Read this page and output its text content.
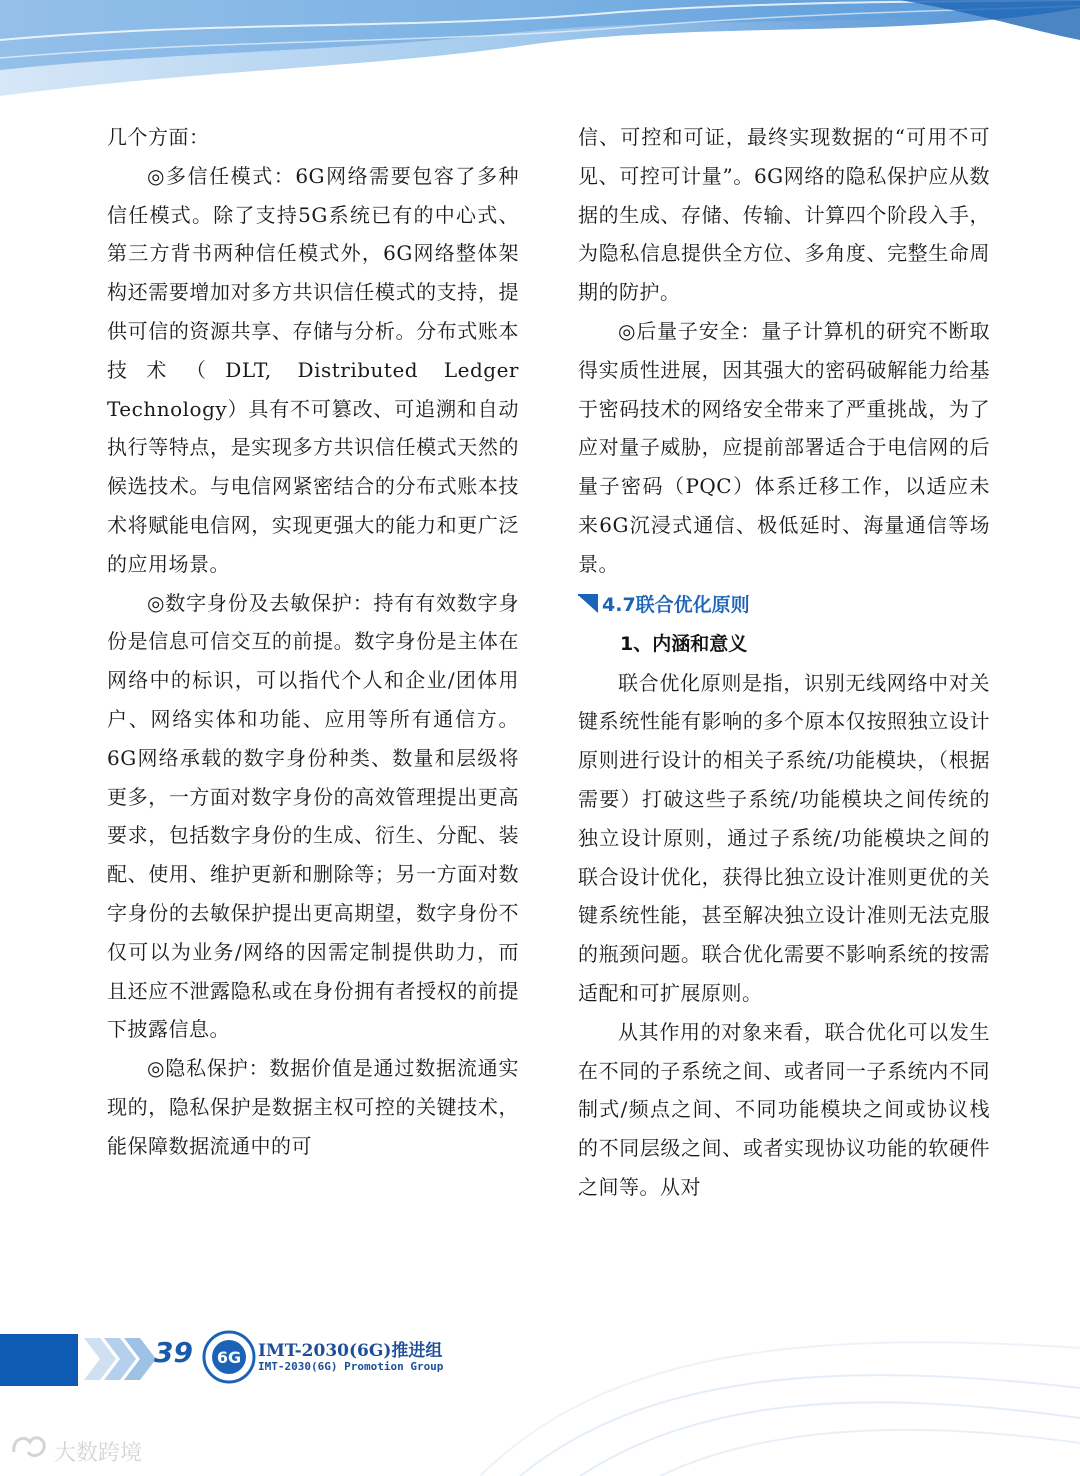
几个方面：

◎多信任模式：6G网络需要包容了多种信任模式。除了支持5G系统已有的中心式、第三方背书两种信任模式外，6G网络整体架构还需要增加对多方共识信任模式的支持，提供可信的资源共享、存储与分析。分布式账本技术（DLT, Distributed Ledger Technology）具有不可篡改、可追溯和自动执行等特点，是实现多方共识信任模式天然的候选技术。与电信网紧密结合的分布式账本技术将赋能电信网，实现更强大的能力和更广泛的应用场景。

◎数字身份及去敏保护：持有有效数字身份是信息可信交互的前提。数字身份是主体在网络中的标识，可以指代个人和企业/团体用户、网络实体和功能、应用等所有通信方。6G网络承载的数字身份种类、数量和层级将更多，一方面对数字身份的高效管理提出更高要求，包括数字身份的生成、衍生、分配、装配、使用、维护更新和删除等；另一方面对数字身份的去敏保护提出更高期望，数字身份不仅可以为业务/网络的因需定制提供助力，而且还应不泄露隐私或在身份拥有者授权的前提下披露信息。

◎隐私保护：数据价值是通过数据流通实现的，隐私保护是数据主权可控的关键技术，能保障数据流通中的可

信、可控和可证，最终实现数据的“可用不可见、可控可计量”。6G网络的隐私保护应从数据的生成、存储、传输、计算四个阶段入手，为隐私信息提供全方位、多角度、完整生命周期的防护。

◎后量子安全：量子计算机的研究不断取得实质性进展，因其强大的密码破解能力给基于密码技术的网络安全带来了严重挑战，为了应对量子威胁，应提前部署适合于电信网的后量子密码（PQC）体系迁移工作，以适应未来6G沉浸式通信、极低延时、海量通信等场景。

4.7联合优化原则

1、内涵和意义

联合优化原则是指，识别无线网络中对关键系统性能有影响的多个原本仅按照独立设计原则进行设计的相关子系统/功能模块，（根据需要）打破这些子系统/功能模块之间传统的独立设计原则，通过子系统/功能模块之间的联合设计优化，获得比独立设计准则更优的关键系统性能，甚至解决独立设计准则无法克服的瓶颈问题。联合优化需要不影响系统的按需适配和可扩展原则。

从其作用的对象来看，联合优化可以发生在不同的子系统之间、或者同一子系统内不同制式/频点之间、不同功能模块之间或协议栈的不同层级之间、或者实现协议功能的软硬件之间等。从对

39 6G IMT-2030(6G)推进组
IMT-2030(6G) Promotion Group
大数跨境
